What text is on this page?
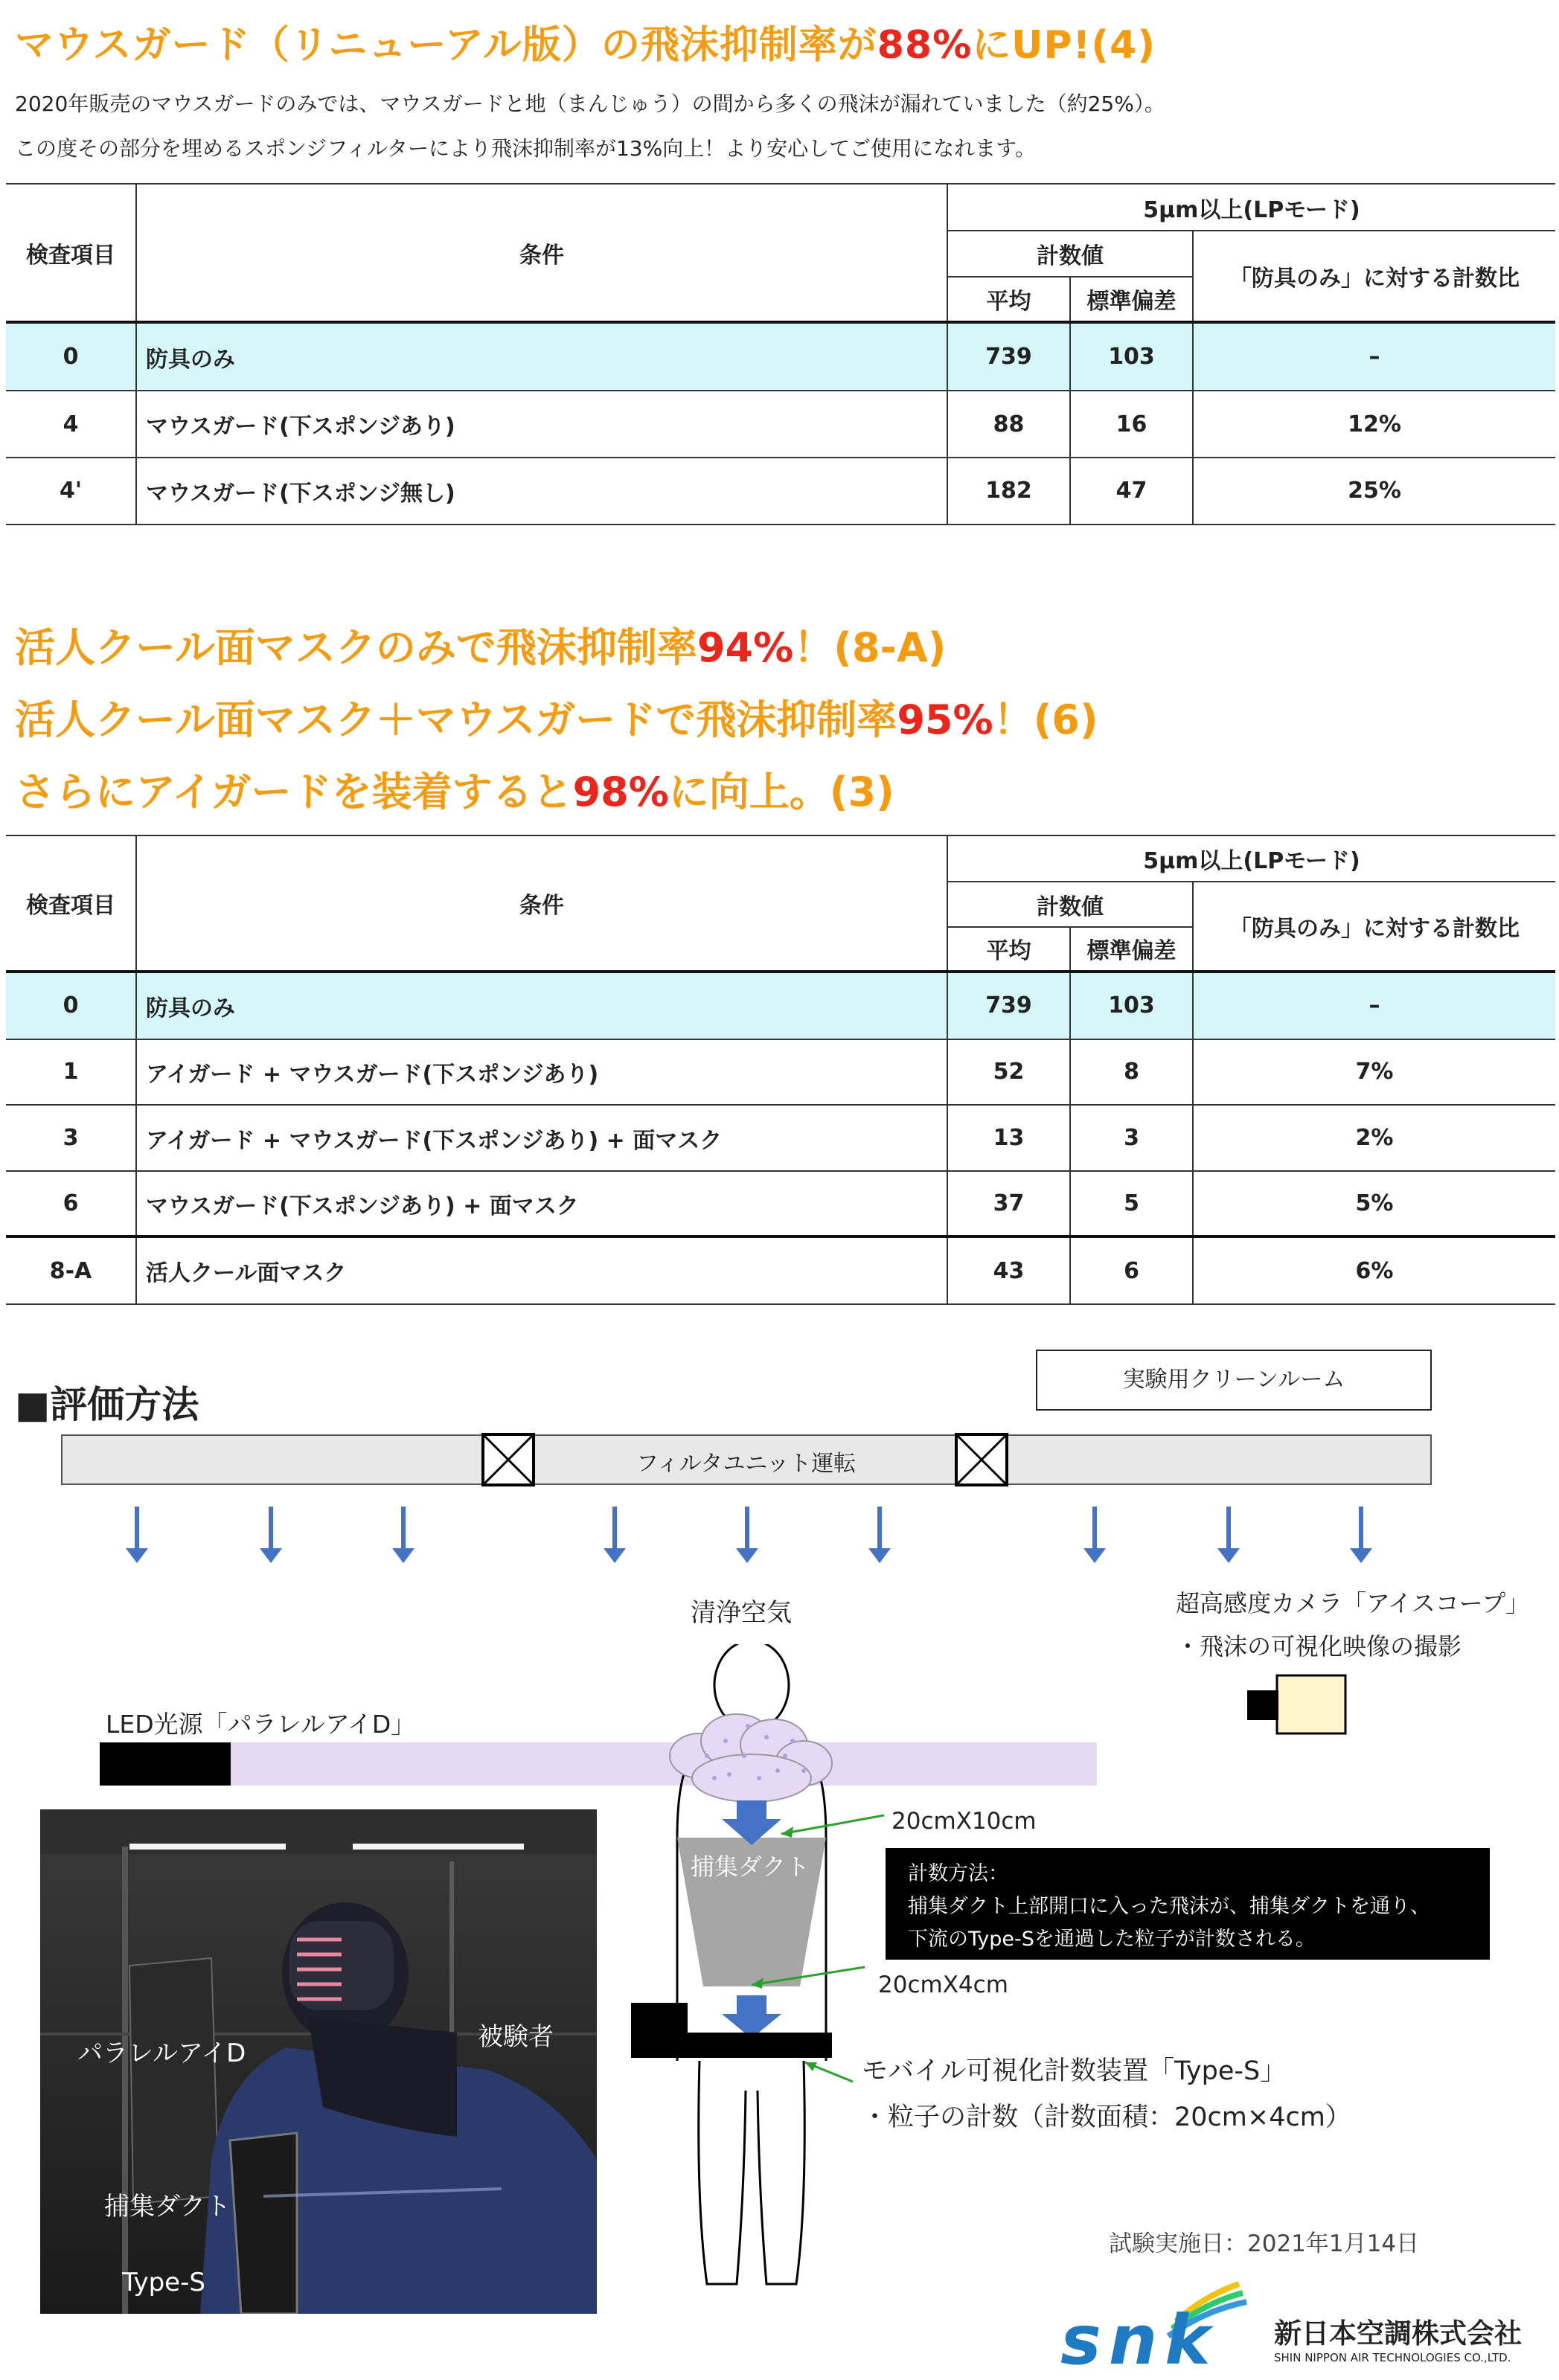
マウスガード（リニューアル版）の飛沫抑制率が88%にUP!(4)
2020年販売のマウスガードのみでは、マウスガードと地（まんじゅう）の間から多くの飛沫が漏れていました（約25%）。
この度その部分を埋めるスポンジフィルターにより飛沫抑制率が13%向上！より安心してご使用になれます。
検査項目	条件	5μm以上(LPモード)		
		計数値		「防具のみ」に対する計数比
		平均	標準偏差	
0	防具のみ	739	103	–
4	マウスガード(下スポンジあり)	88	16	12%
4'	マウスガード(下スポンジ無し)	182	47	25%
活人クール面マスクのみで飛沫抑制率94%！(8-A)
活人クール面マスク＋マウスガードで飛沫抑制率95%！(6)
さらにアイガードを装着すると98%に向上。(3)
検査項目	条件	5μm以上(LPモード)		
		計数値		「防具のみ」に対する計数比
		平均	標準偏差	
0	防具のみ	739	103	–
1	アイガード + マウスガード(下スポンジあり)	52	8	7%
3	アイガード + マウスガード(下スポンジあり) + 面マスク	13	3	2%
6	マウスガード(下スポンジあり) + 面マスク	37	5	5%
8-A	活人クール面マスク	43	6	6%
■評価方法
実験用クリーンルーム
フィルタユニット運転
清浄空気	超高感度カメラ「アイスコープ」
・飛沫の可視化映像の撮影
LED光源「パラレルアイD」
捕集ダクト
20cmX10cm
20cmX4cm
計数方法：
捕集ダクト上部開口に入った飛沫が、捕集ダクトを通り、
下流のType-Sを通過した粒子が計数される。
モバイル可視化計数装置「Type-S」
・粒子の計数（計数面積：20cm×4cm）
試験実施日：2021年1月14日
パラレルアイD
被験者
捕集ダクト
Type-S
snk 新日本空調株式会社
SHIN NIPPON AIR TECHNOLOGIES CO.,LTD.
